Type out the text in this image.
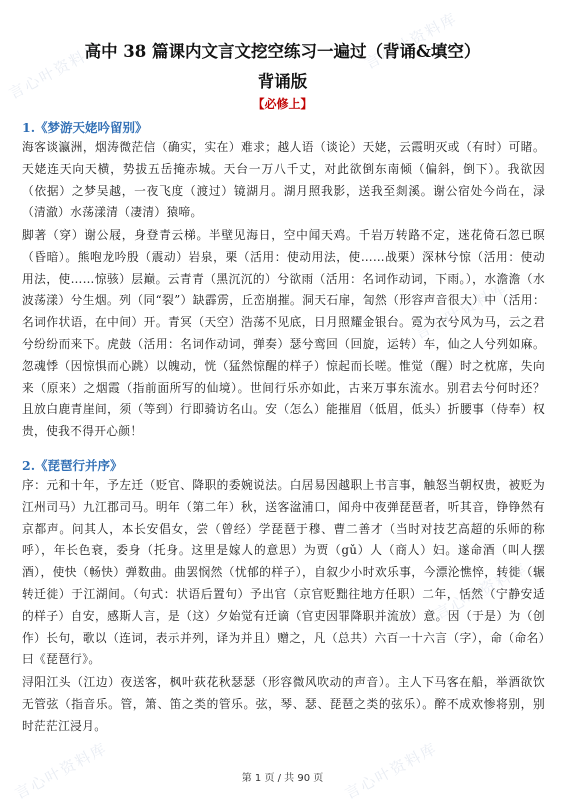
言心叶资料库	言心叶资料库
言心叶资料库
言心叶资料库
言心叶资料库
言心叶资料库
高中 38 篇课内文言文挖空练习一遍过（背诵&填空）
背诵版
【必修上】
1.《梦游天姥吟留别》
海客谈瀛洲，烟涛微茫信（确实，实在）难求；越人语（谈论）天姥，云霞明灭或（有时）可睹。天姥连天向天横，势拔五岳掩赤城。天台一万八千丈，对此欲倒东南倾（偏斜，倒下）。我欲因（依据）之梦吴越，一夜飞度（渡过）镜湖月。湖月照我影，送我至剡溪。谢公宿处今尚在，渌（清澈）水荡漾清（凄清）猿啼。
脚著（穿）谢公屐，身登青云梯。半壁见海日，空中闻天鸡。千岩万转路不定，迷花倚石忽已暝（昏暗）。熊咆龙吟殷（震动）岩泉，栗（活用：使动用法，使……战栗）深林兮惊（活用：使动用法，使……惊骇）层巅。云青青（黑沉沉的）兮欲雨（活用：名词作动词，下雨。），水澹澹（水波荡漾）兮生烟。列（同“裂”）缺霹雳，丘峦崩摧。洞天石扉，訇然（形容声音很大）中（活用：名词作状语，在中间）开。青冥（天空）浩荡不见底，日月照耀金银台。霓为衣兮风为马，云之君兮纷纷而来下。虎鼓（活用：名词作动词，弹奏）瑟兮鸾回（回旋，运转）车，仙之人兮列如麻。忽魂悸（因惊惧而心跳）以魄动，恍（猛然惊醒的样子）惊起而长嗟。惟觉（醒）时之枕席，失向来（原来）之烟霞（指前面所写的仙境）。世间行乐亦如此，古来万事东流水。别君去兮何时还？且放白鹿青崖间，须（等到）行即骑访名山。安（怎么）能摧眉（低眉，低头）折腰事（侍奉）权贵，使我不得开心颜！
2.《琵琶行并序》
序：元和十年，予左迁（贬官、降职的委婉说法。白居易因越职上书言事，触怒当朝权贵，被贬为江州司马）九江郡司马。明年（第二年）秋，送客湓浦口，闻舟中夜弹琵琶者，听其音，铮铮然有京都声。问其人，本长安倡女，尝（曾经）学琵琶于穆、曹二善才（当时对技艺高超的乐师的称呼），年长色衰，委身（托身。这里是嫁人的意思）为贾（gǔ）人（商人）妇。遂命酒（叫人摆酒），使快（畅快）弹数曲。曲罢悯然（忧郁的样子），自叙少小时欢乐事，今漂沦憔悴，转徙（辗转迁徙）于江湖间。（句式：状语后置句）予出官（京官贬黜往地方任职）二年，恬然（宁静安适的样子）自安，感斯人言，是（这）夕始觉有迁谪（官吏因罪降职并流放）意。因（于是）为（创作）长句，歌以（连词，表示并列，译为并且）赠之，凡（总共）六百一十六言（字），命（命名）曰《琵琶行》。
浔阳江头（江边）夜送客，枫叶荻花秋瑟瑟（形容微风吹动的声音）。主人下马客在船，举酒欲饮无管弦（指音乐。管，箫、笛之类的管乐。弦，琴、瑟、琵琶之类的弦乐）。醉不成欢惨将别，别时茫茫江浸月。
第 1 页 / 共 90 页
